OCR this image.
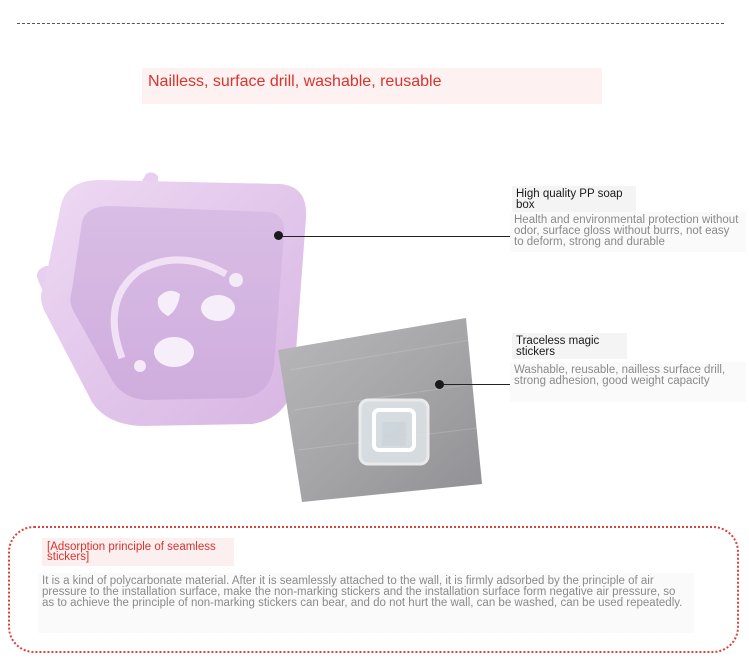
Nailless, surface drill, washable, reusable
High quality PP soap box
Health and environmental protection without odor, surface gloss without burrs, not easy to deform, strong and durable
Traceless magic stickers
Washable, reusable, nailless surface drill, strong adhesion, good weight capacity
[Adsorption principle of seamless stickers]
It is a kind of polycarbonate material. After it is seamlessly attached to the wall, it is firmly adsorbed by the principle of air pressure to the installation surface, make the non-marking stickers and the installation surface form negative air pressure, so as to achieve the principle of non-marking stickers can bear, and do not hurt the wall, can be washed, can be used repeatedly.
